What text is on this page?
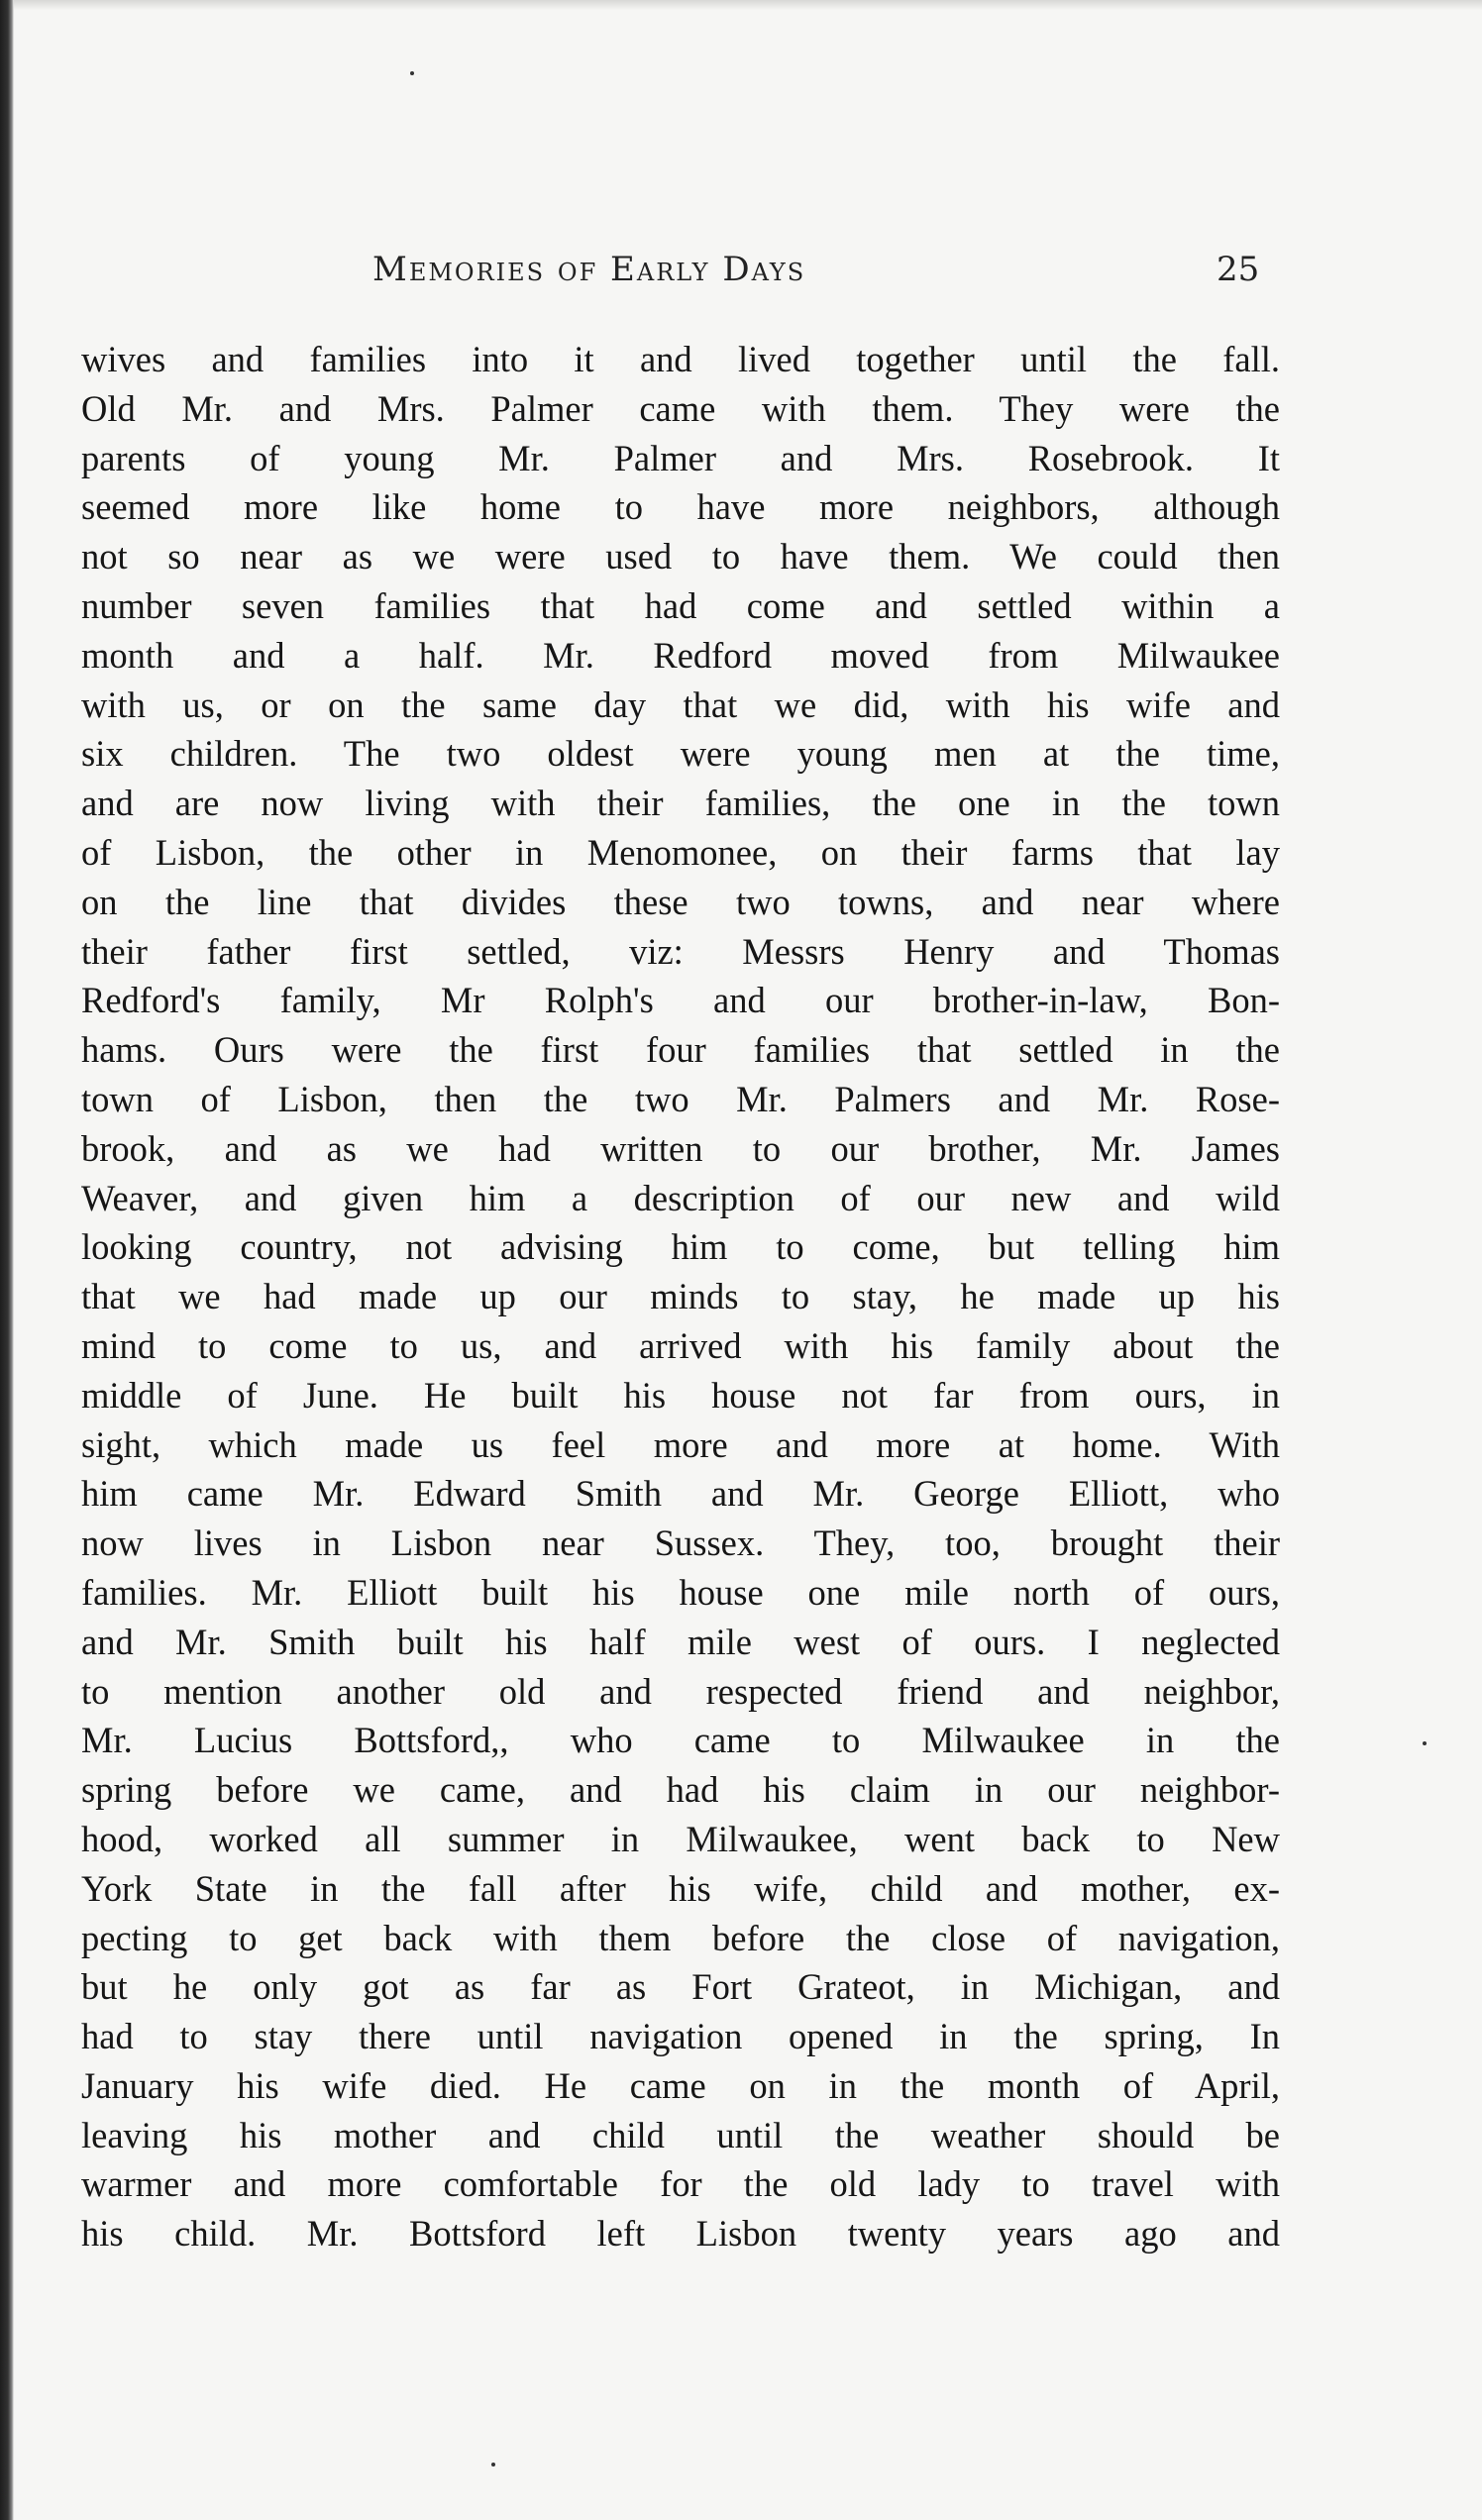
Memories of Early Days	25
wives and families into it and lived together until the fall.
Old Mr. and Mrs. Palmer came with them. They were the
parents of young Mr. Palmer and Mrs. Rosebrook. It
seemed more like home to have more neighbors, although
not so near as we were used to have them. We could then
number seven families that had come and settled within a
month and a half. Mr. Redford moved from Milwaukee
with us, or on the same day that we did, with his wife and
six children. The two oldest were young men at the time,
and are now living with their families, the one in the town
of Lisbon, the other in Menomonee, on their farms that lay
on the line that divides these two towns, and near where
their father first settled, viz: Messrs Henry and Thomas
Redford's family, Mr Rolph's and our brother-in-law, Bon-
hams. Ours were the first four families that settled in the
town of Lisbon, then the two Mr. Palmers and Mr. Rose-
brook, and as we had written to our brother, Mr. James
Weaver, and given him a description of our new and wild
looking country, not advising him to come, but telling him
that we had made up our minds to stay, he made up his
mind to come to us, and arrived with his family about the
middle of June. He built his house not far from ours, in
sight, which made us feel more and more at home. With
him came Mr. Edward Smith and Mr. George Elliott, who
now lives in Lisbon near Sussex. They, too, brought their
families. Mr. Elliott built his house one mile north of ours,
and Mr. Smith built his half mile west of ours. I neglected
to mention another old and respected friend and neighbor,
Mr. Lucius Bottsford,, who came to Milwaukee in the
spring before we came, and had his claim in our neighbor-
hood, worked all summer in Milwaukee, went back to New
York State in the fall after his wife, child and mother, ex-
pecting to get back with them before the close of navigation,
but he only got as far as Fort Grateot, in Michigan, and
had to stay there until navigation opened in the spring, In
January his wife died. He came on in the month of April,
leaving his mother and child until the weather should be
warmer and more comfortable for the old lady to travel with
his child. Mr. Bottsford left Lisbon twenty years ago and
